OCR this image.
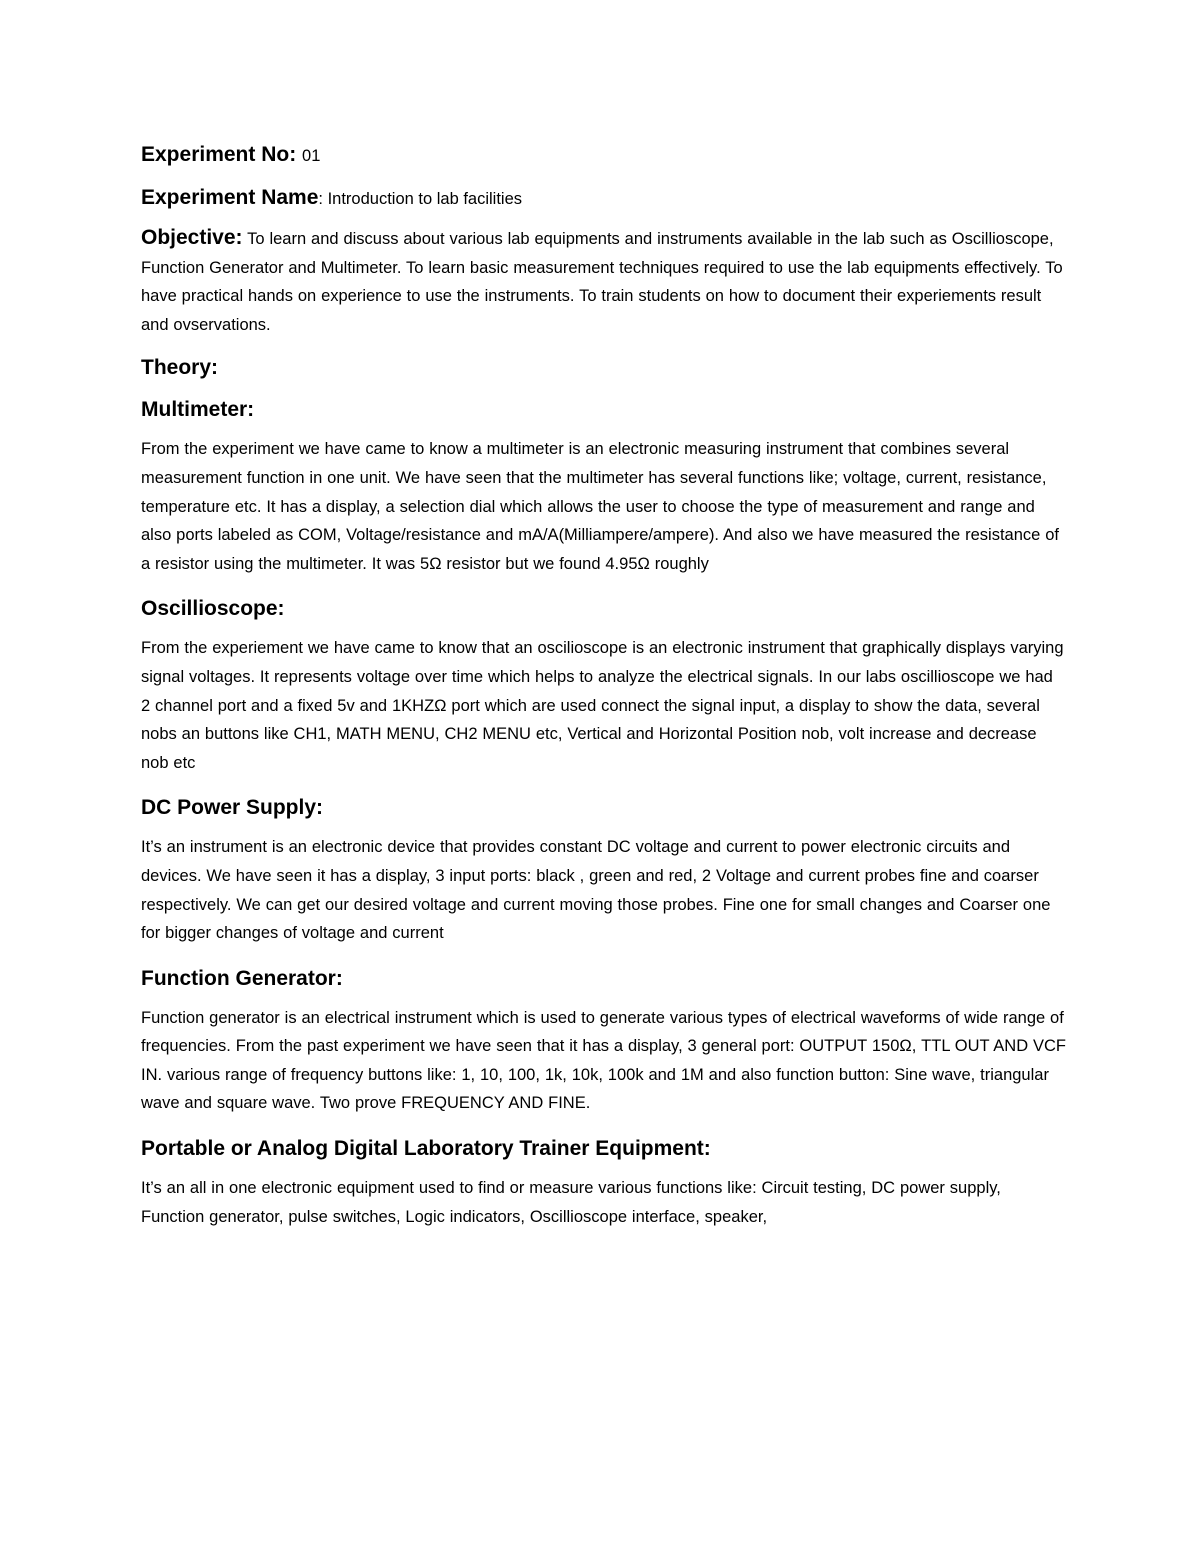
Experiment No: 01

Experiment Name: Introduction to lab facilities

Objective: To learn and discuss about various lab equipments and instruments available in the lab such as Oscillioscope, Function Generator and Multimeter. To learn basic measurement techniques required to use the lab equipments effectively. To have practical hands on experience to use the instruments. To train students on how to document their experiements result and ovservations.

Theory:

Multimeter:

From the experiment we have came to know a multimeter is an electronic measuring instrument that combines several measurement function in one unit. We have seen that the multimeter has several functions like; voltage, current, resistance, temperature etc. It has a display, a selection dial which allows the user to choose the type of measurement and range and also ports labeled as COM, Voltage/resistance and mA/A(Milliampere/ampere). And also we have measured the resistance of a resistor using the multimeter. It was 5Ω resistor but we found 4.95Ω roughly

Oscillioscope:

From the experiement we have came to know that an oscilioscope is an electronic instrument that graphically displays varying signal voltages. It represents voltage over time which helps to analyze the electrical signals. In our labs oscillioscope we had 2 channel port and a fixed 5v and 1KHZΩ port which are used connect the signal input, a display to show the data, several nobs an buttons like CH1, MATH MENU, CH2 MENU etc, Vertical and Horizontal Position nob, volt increase and decrease nob etc

DC Power Supply:

It’s an instrument is an electronic device that provides constant DC voltage and current to power electronic circuits and devices. We have seen it has a display, 3 input ports: black , green and red, 2 Voltage and current probes fine and coarser respectively. We can get our desired voltage and current moving those probes. Fine one for small changes and Coarser one for bigger changes of voltage and current

Function Generator:

Function generator is an electrical instrument which is used to generate various types of electrical waveforms of wide range of frequencies. From the past experiment we have seen that it has a display, 3 general port: OUTPUT 150Ω, TTL OUT AND VCF IN. various range of frequency buttons like: 1, 10, 100, 1k, 10k, 100k and 1M and also function button: Sine wave, triangular wave and square wave. Two prove FREQUENCY AND FINE.

Portable or Analog Digital Laboratory Trainer Equipment:

It’s an all in one electronic equipment used to find or measure various functions like: Circuit testing, DC power supply, Function generator, pulse switches, Logic indicators, Oscillioscope interface, speaker,
